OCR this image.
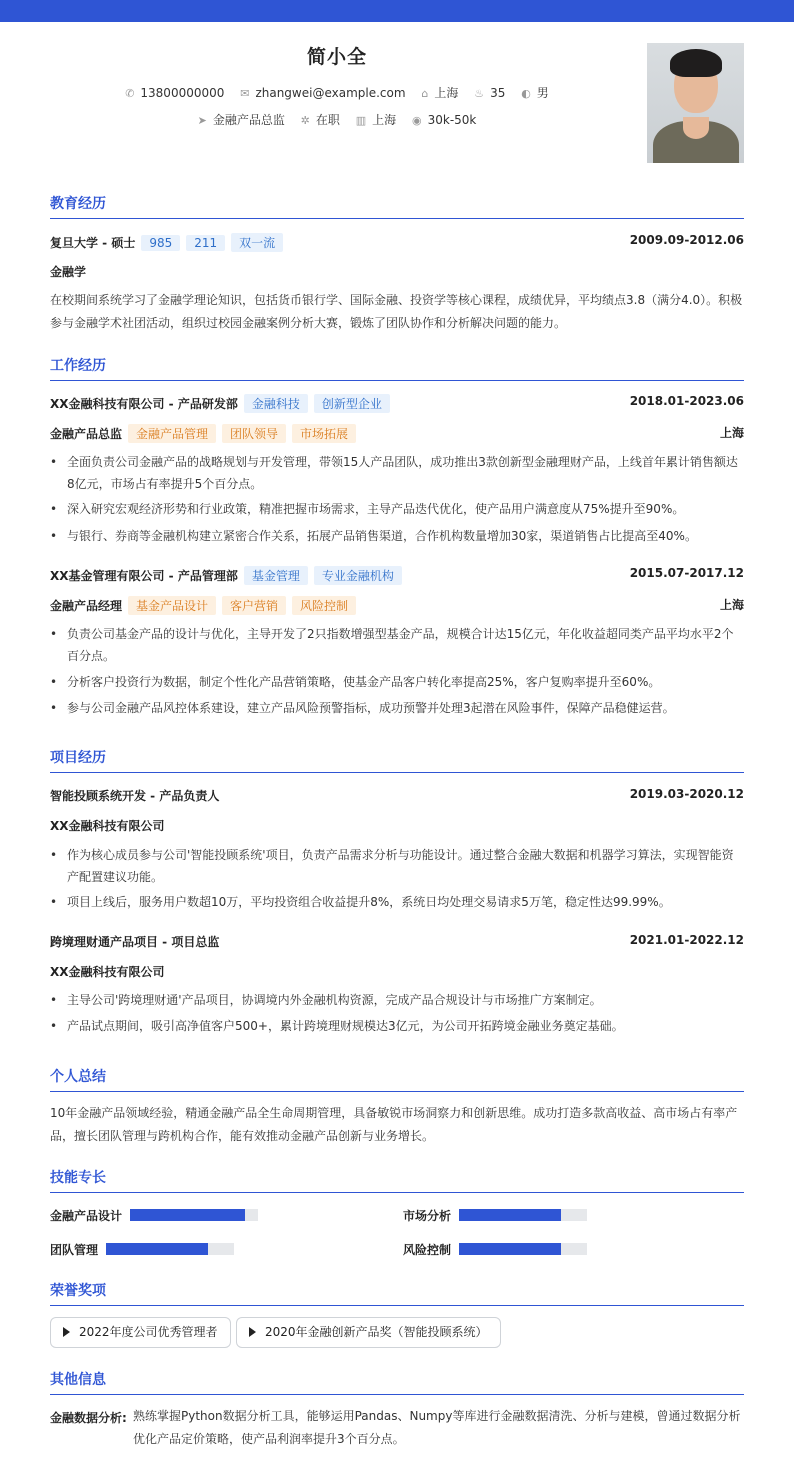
简小全
✆ 13800000000 ✉ zhangwei@example.com ⌂ 上海 ♨ 35 ◐ 男
➤ 金融产品总监 ✲ 在职 ▥ 上海 ◉ 30k-50k
教育经历
复旦大学 - 硕士 985 211 双一流	2009.09-2012.06
金融学
在校期间系统学习了金融学理论知识，包括货币银行学、国际金融、投资学等核心课程，成绩优异，平均绩点3.8（满分4.0）。积极参与金融学术社团活动，组织过校园金融案例分析大赛，锻炼了团队协作和分析解决问题的能力。
工作经历
XX金融科技有限公司 - 产品研发部 金融科技 创新型企业	2018.01-2023.06
金融产品总监 金融产品管理 团队领导 市场拓展	上海
• 全面负责公司金融产品的战略规划与开发管理，带领15人产品团队，成功推出3款创新型金融理财产品，上线首年累计销售额达8亿元，市场占有率提升5个百分点。
• 深入研究宏观经济形势和行业政策，精准把握市场需求，主导产品迭代优化，使产品用户满意度从75%提升至90%。
• 与银行、券商等金融机构建立紧密合作关系，拓展产品销售渠道，合作机构数量增加30家，渠道销售占比提高至40%。
XX基金管理有限公司 - 产品管理部 基金管理 专业金融机构	2015.07-2017.12
金融产品经理 基金产品设计 客户营销 风险控制	上海
• 负责公司基金产品的设计与优化，主导开发了2只指数增强型基金产品，规模合计达15亿元，年化收益超同类产品平均水平2个百分点。
• 分析客户投资行为数据，制定个性化产品营销策略，使基金产品客户转化率提高25%，客户复购率提升至60%。
• 参与公司金融产品风控体系建设，建立产品风险预警指标，成功预警并处理3起潜在风险事件，保障产品稳健运营。
项目经历
智能投顾系统开发 - 产品负责人	2019.03-2020.12
XX金融科技有限公司
• 作为核心成员参与公司'智能投顾系统'项目，负责产品需求分析与功能设计。通过整合金融大数据和机器学习算法，实现智能资产配置建议功能。
• 项目上线后，服务用户数超10万，平均投资组合收益提升8%，系统日均处理交易请求5万笔，稳定性达99.99%。
跨境理财通产品项目 - 项目总监	2021.01-2022.12
XX金融科技有限公司
• 主导公司'跨境理财通'产品项目，协调境内外金融机构资源，完成产品合规设计与市场推广方案制定。
• 产品试点期间，吸引高净值客户500+，累计跨境理财规模达3亿元，为公司开拓跨境金融业务奠定基础。
个人总结
10年金融产品领域经验，精通金融产品全生命周期管理，具备敏锐市场洞察力和创新思维。成功打造多款高收益、高市场占有率产品，擅长团队管理与跨机构合作，能有效推动金融产品创新与业务增长。
技能专长
金融产品设计	市场分析
团队管理	风险控制
荣誉奖项
2022年度公司优秀管理者	2020年金融创新产品奖（智能投顾系统）
其他信息
金融数据分析: 熟练掌握Python数据分析工具，能够运用Pandas、Numpy等库进行金融数据清洗、分析与建模，曾通过数据分析优化产品定价策略，使产品利润率提升3个百分点。
